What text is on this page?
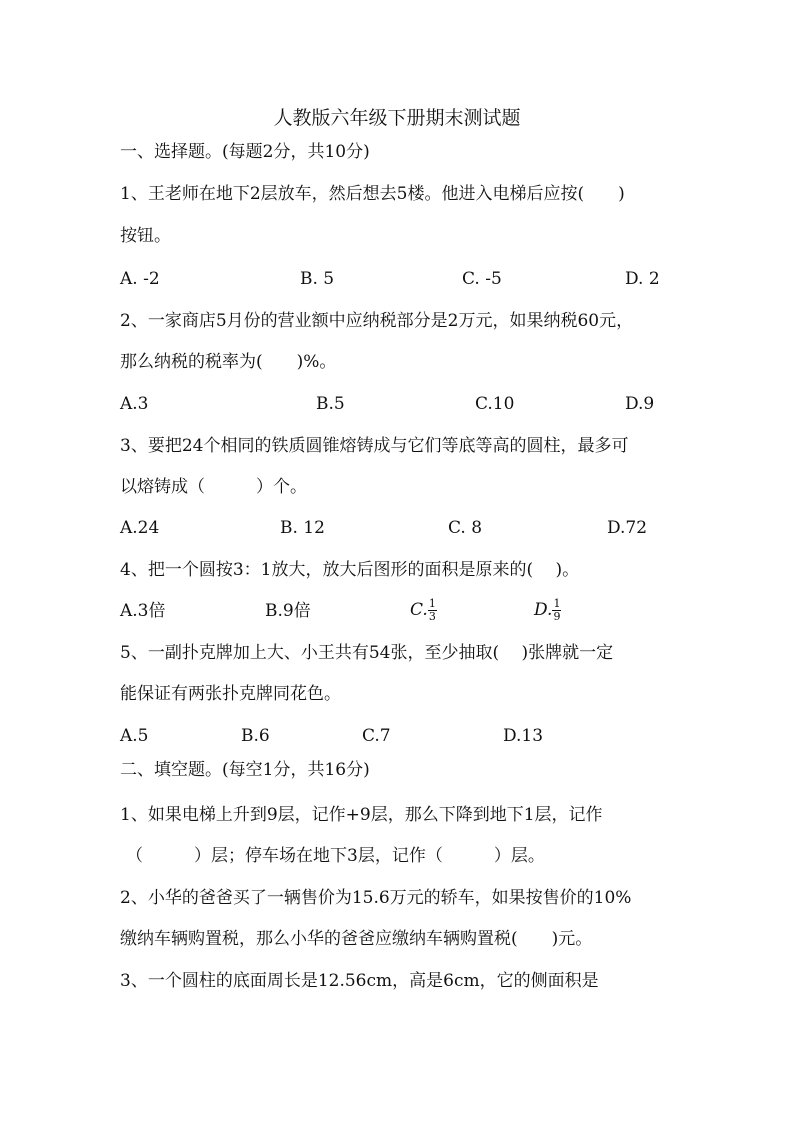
人教版六年级下册期末测试题
一、选择题。(每题2分，共10分)
1、王老师在地下2层放车，然后想去5楼。他进入电梯后应按(　　)
按钮。
A. -2	B. 5	C. -5	D. 2
2、一家商店5月份的营业额中应纳税部分是2万元，如果纳税60元，
那么纳税的税率为(　　)%。
A.3	B.5	C.10	D.9
3、要把24个相同的铁质圆锥熔铸成与它们等底等高的圆柱，最多可
以熔铸成（　　　）个。
A.24	B. 12	C. 8	D.72
4、把一个圆按3：1放大，放大后图形的面积是原来的(　 )。
A.3倍	B.9倍	C. $\frac{1}{3}$	D. $\frac{1}{9}$
5、一副扑克牌加上大、小王共有54张，至少抽取(　 )张牌就一定
能保证有两张扑克牌同花色。
A.5	B.6	C.7	D.13
二、填空题。(每空1分，共16分)
1、如果电梯上升到9层，记作+9层，那么下降到地下1层，记作
（　　　）层；停车场在地下3层，记作（　　　）层。
2、小华的爸爸买了一辆售价为15.6万元的轿车，如果按售价的10%
缴纳车辆购置税，那么小华的爸爸应缴纳车辆购置税(　　)元。
3、一个圆柱的底面周长是12.56cm，高是6cm，它的侧面积是
